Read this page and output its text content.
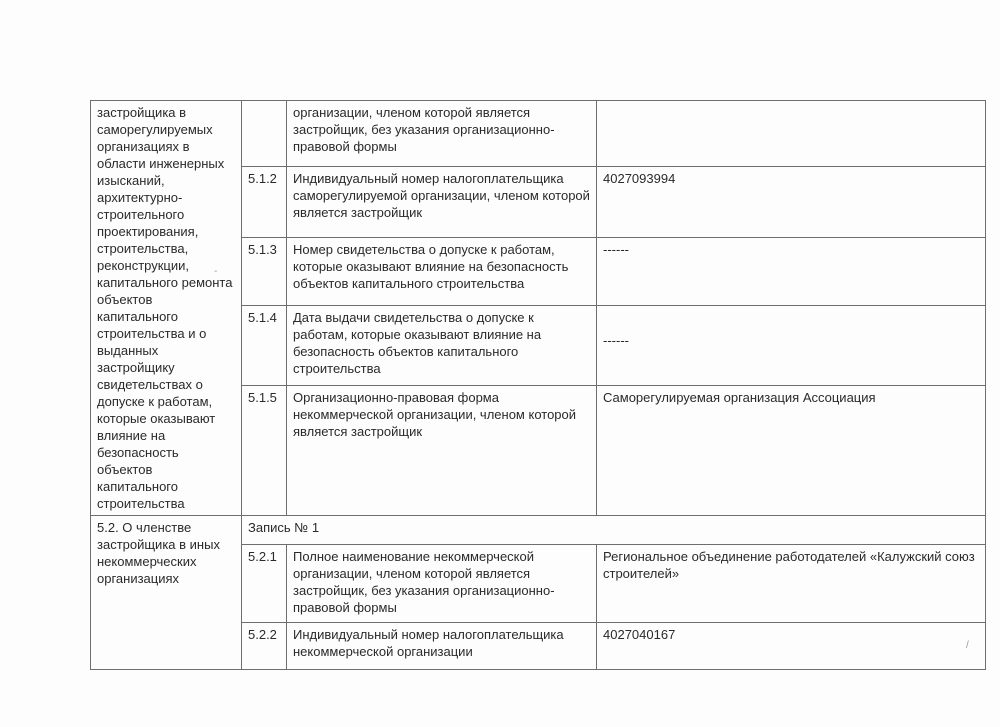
застройщика в саморегулируемых организациях в области инженерных изысканий, архитектурно-строительного проектирования, строительства, реконструкции, капитального ремонта объектов капитального строительства и о выданных застройщику свидетельствах о допуске к работам, которые оказывают влияние на безопасность объектов капитального строительства		организации, членом которой является застройщик, без указания организационно-правовой формы	
	5.1.2	Индивидуальный номер налогоплательщика саморегулируемой организации, членом которой является застройщик	4027093994
	5.1.3	Номер свидетельства о допуске к работам, которые оказывают влияние на безопасность объектов капитального строительства	------
	5.1.4	Дата выдачи свидетельства о допуске к работам, которые оказывают влияние на безопасность объектов капитального строительства	------
	5.1.5	Организационно-правовая форма некоммерческой организации, членом которой является застройщик	Саморегулируемая организация Ассоциация
5.2. О членстве застройщика в иных некоммерческих организациях	Запись № 1		
	5.2.1	Полное наименование некоммерческой организации, членом которой является застройщик, без указания организационно-правовой формы	Региональное объединение работодателей «Калужский союз строителей»
	5.2.2	Индивидуальный номер налогоплательщика некоммерческой организации	4027040167
-
/
